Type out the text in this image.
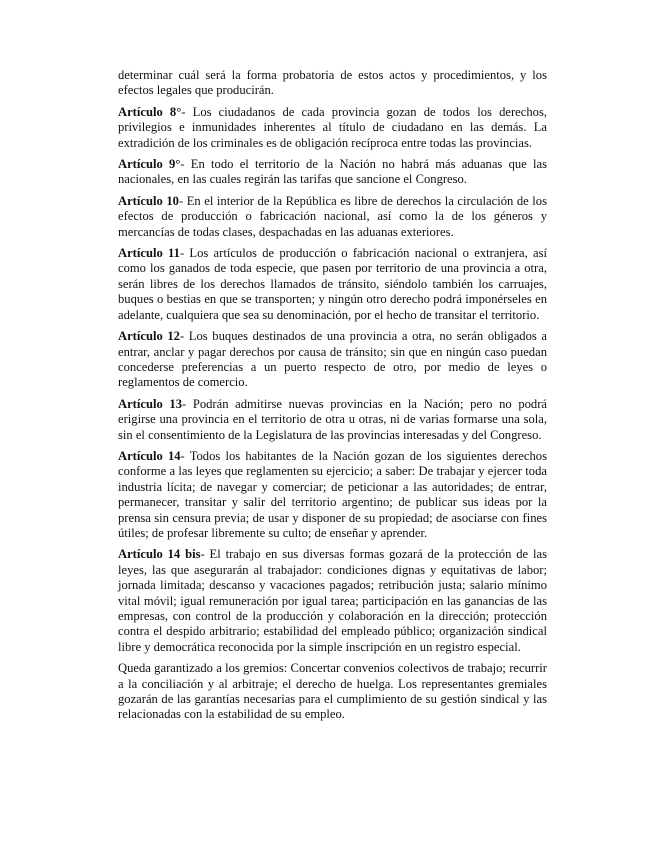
determinar cuál será la forma probatoria de estos actos y procedimientos, y los efectos legales que producirán.

Artículo 8°- Los ciudadanos de cada provincia gozan de todos los derechos, privilegios e inmunidades inherentes al título de ciudadano en las demás. La extradición de los criminales es de obligación recíproca entre todas las provincias.

Artículo 9°- En todo el territorio de la Nación no habrá más aduanas que las nacionales, en las cuales regirán las tarifas que sancione el Congreso.

Artículo 10- En el interior de la República es libre de derechos la circulación de los efectos de producción o fabricación nacional, así como la de los géneros y mercancías de todas clases, despachadas en las aduanas exteriores.

Artículo 11- Los artículos de producción o fabricación nacional o extranjera, así como los ganados de toda especie, que pasen por territorio de una provincia a otra, serán libres de los derechos llamados de tránsito, siéndolo también los carruajes, buques o bestias en que se transporten; y ningún otro derecho podrá imponérseles en adelante, cualquiera que sea su denominación, por el hecho de transitar el territorio.

Artículo 12- Los buques destinados de una provincia a otra, no serán obligados a entrar, anclar y pagar derechos por causa de tránsito; sin que en ningún caso puedan concederse preferencias a un puerto respecto de otro, por medio de leyes o reglamentos de comercio.

Artículo 13- Podrán admitirse nuevas provincias en la Nación; pero no podrá erigirse una provincia en el territorio de otra u otras, ni de varias formarse una sola, sin el consentimiento de la Legislatura de las provincias interesadas y del Congreso.

Artículo 14- Todos los habitantes de la Nación gozan de los siguientes derechos conforme a las leyes que reglamenten su ejercicio; a saber: De trabajar y ejercer toda industria lícita; de navegar y comerciar; de peticionar a las autoridades; de entrar, permanecer, transitar y salir del territorio argentino; de publicar sus ideas por la prensa sin censura previa; de usar y disponer de su propiedad; de asociarse con fines útiles; de profesar libremente su culto; de enseñar y aprender.

Artículo 14 bis- El trabajo en sus diversas formas gozará de la protección de las leyes, las que asegurarán al trabajador: condiciones dignas y equitativas de labor; jornada limitada; descanso y vacaciones pagados; retribución justa; salario mínimo vital móvil; igual remuneración por igual tarea; participación en las ganancias de las empresas, con control de la producción y colaboración en la dirección; protección contra el despido arbitrario; estabilidad del empleado público; organización sindical libre y democrática reconocida por la simple inscripción en un registro especial.

Queda garantizado a los gremios: Concertar convenios colectivos de trabajo; recurrir a la conciliación y al arbitraje; el derecho de huelga. Los representantes gremiales gozarán de las garantías necesarias para el cumplimiento de su gestión sindical y las relacionadas con la estabilidad de su empleo.
